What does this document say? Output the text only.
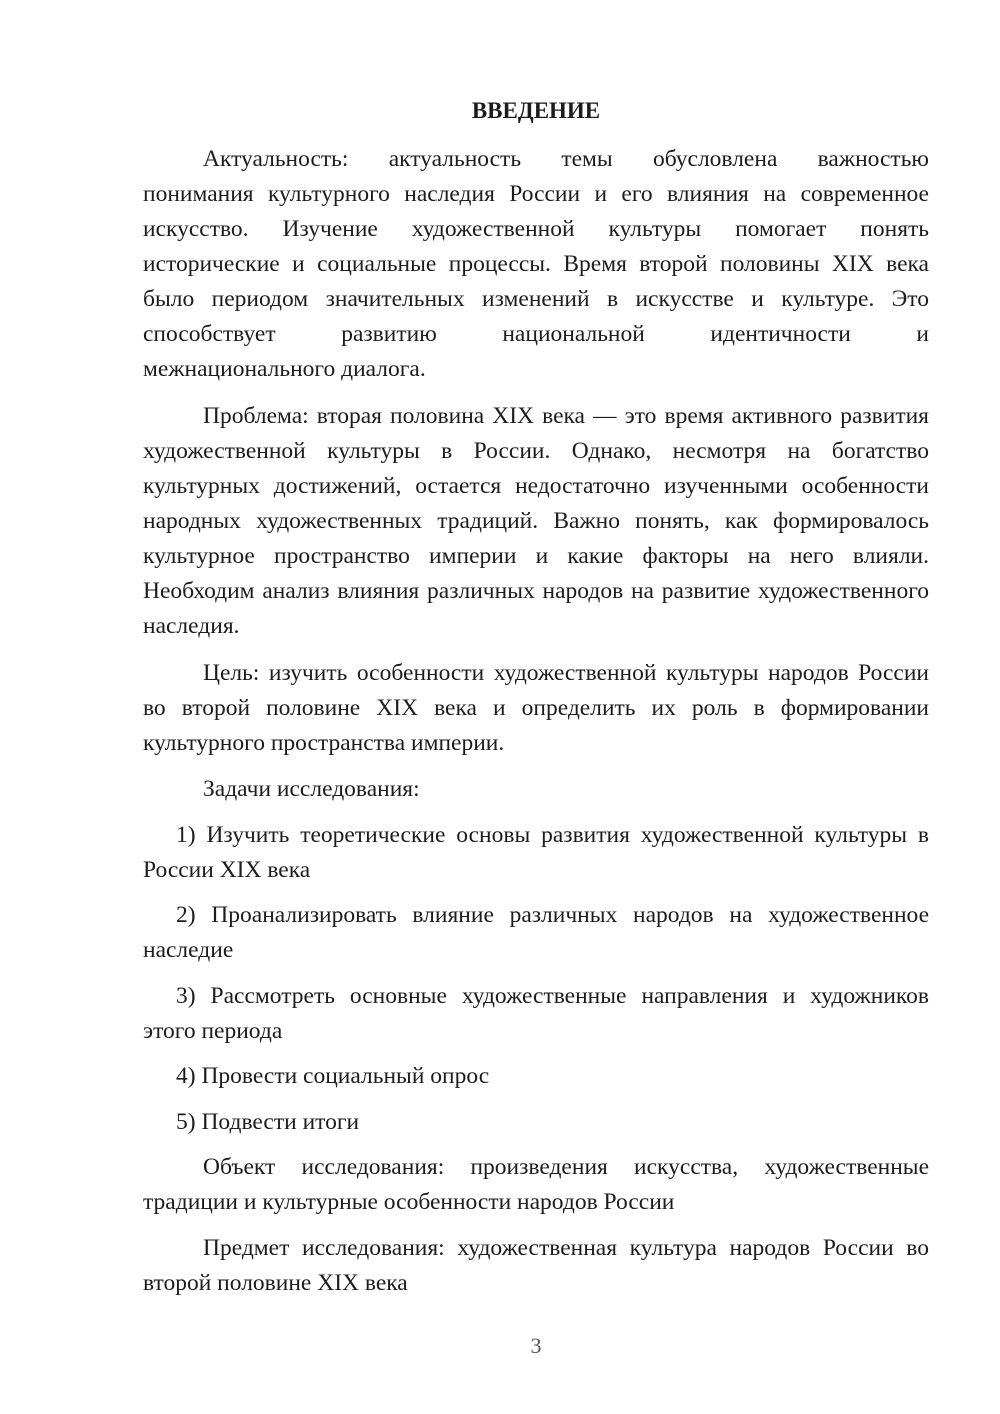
ВВЕДЕНИЕ
Актуальность: актуальность темы обусловлена важностью
понимания культурного наследия России и его влияния на современное
искусство. Изучение художественной культуры помогает понять
исторические и социальные процессы. Время второй половины XIX века
было периодом значительных изменений в искусстве и культуре. Это
способствует	развитию	национальной	идентичности	и
межнационального диалога.

Проблема: вторая половина XIX века — это время активного развития художественной культуры в России. Однако, несмотря на богатство культурных достижений, остается недостаточно изученными особенности народных художественных традиций. Важно понять, как формировалось культурное пространство империи и какие факторы на него влияли. Необходим анализ влияния различных народов на развитие художественного наследия.

Цель: изучить особенности художественной культуры народов России во второй половине XIX века и определить их роль в формировании культурного пространства империи.

Задачи исследования:

1) Изучить теоретические основы развития художественной культуры в России XIX века

2) Проанализировать влияние различных народов на художественное наследие

3) Рассмотреть основные художественные направления и художников этого периода

4) Провести социальный опрос

5) Подвести итоги

Объект исследования: произведения искусства, художественные традиции и культурные особенности народов России

Предмет исследования: художественная культура народов России во второй половине XIX века

3
